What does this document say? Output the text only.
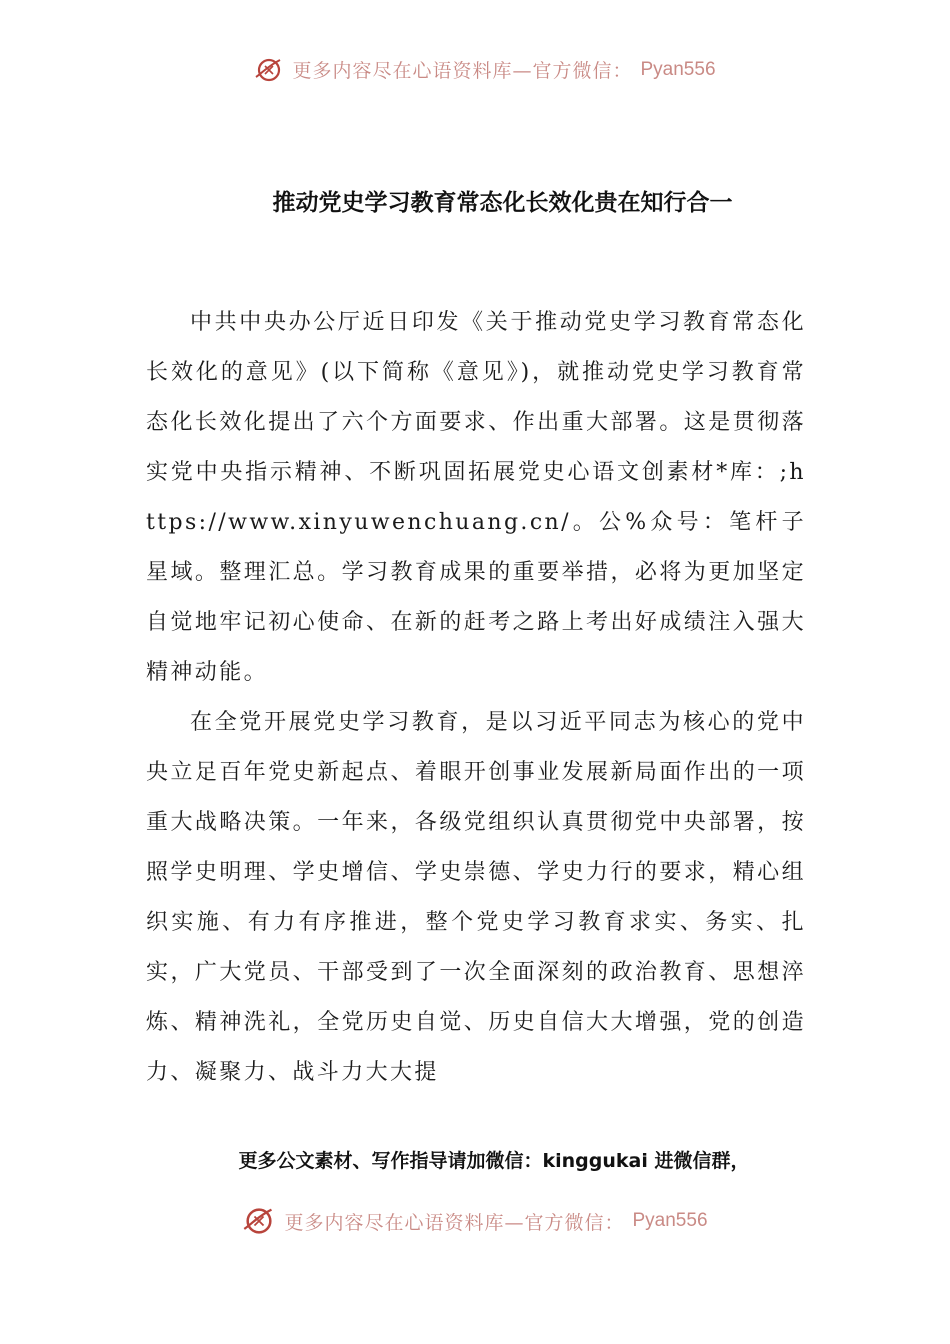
更多内容尽在心语资料库—官方微信： Pyan556
推动党史学习教育常态化长效化贵在知行合一

中共中央办公厅近日印发《关于推动党史学习教育常态化长效化的意见》(以下简称《意见》)，就推动党史学习教育常态化长效化提出了六个方面要求、作出重大部署。这是贯彻落实党中央指示精神、不断巩固拓展党史心语文创素材*库：;https://www.xinyuwenchuang.cn/。公%众号：笔杆子星域。整理汇总。学习教育成果的重要举措，必将为更加坚定自觉地牢记初心使命、在新的赶考之路上考出好成绩注入强大精神动能。

在全党开展党史学习教育，是以习近平同志为核心的党中央立足百年党史新起点、着眼开创事业发展新局面作出的一项重大战略决策。一年来，各级党组织认真贯彻党中央部署，按照学史明理、学史增信、学史崇德、学史力行的要求，精心组织实施、有力有序推进，整个党史学习教育求实、务实、扎实，广大党员、干部受到了一次全面深刻的政治教育、思想淬炼、精神洗礼，全党历史自觉、历史自信大大增强，党的创造力、凝聚力、战斗力大大提

更多公文素材、写作指导请加微信：kinggukai 进微信群，
更多内容尽在心语资料库—官方微信： Pyan556
